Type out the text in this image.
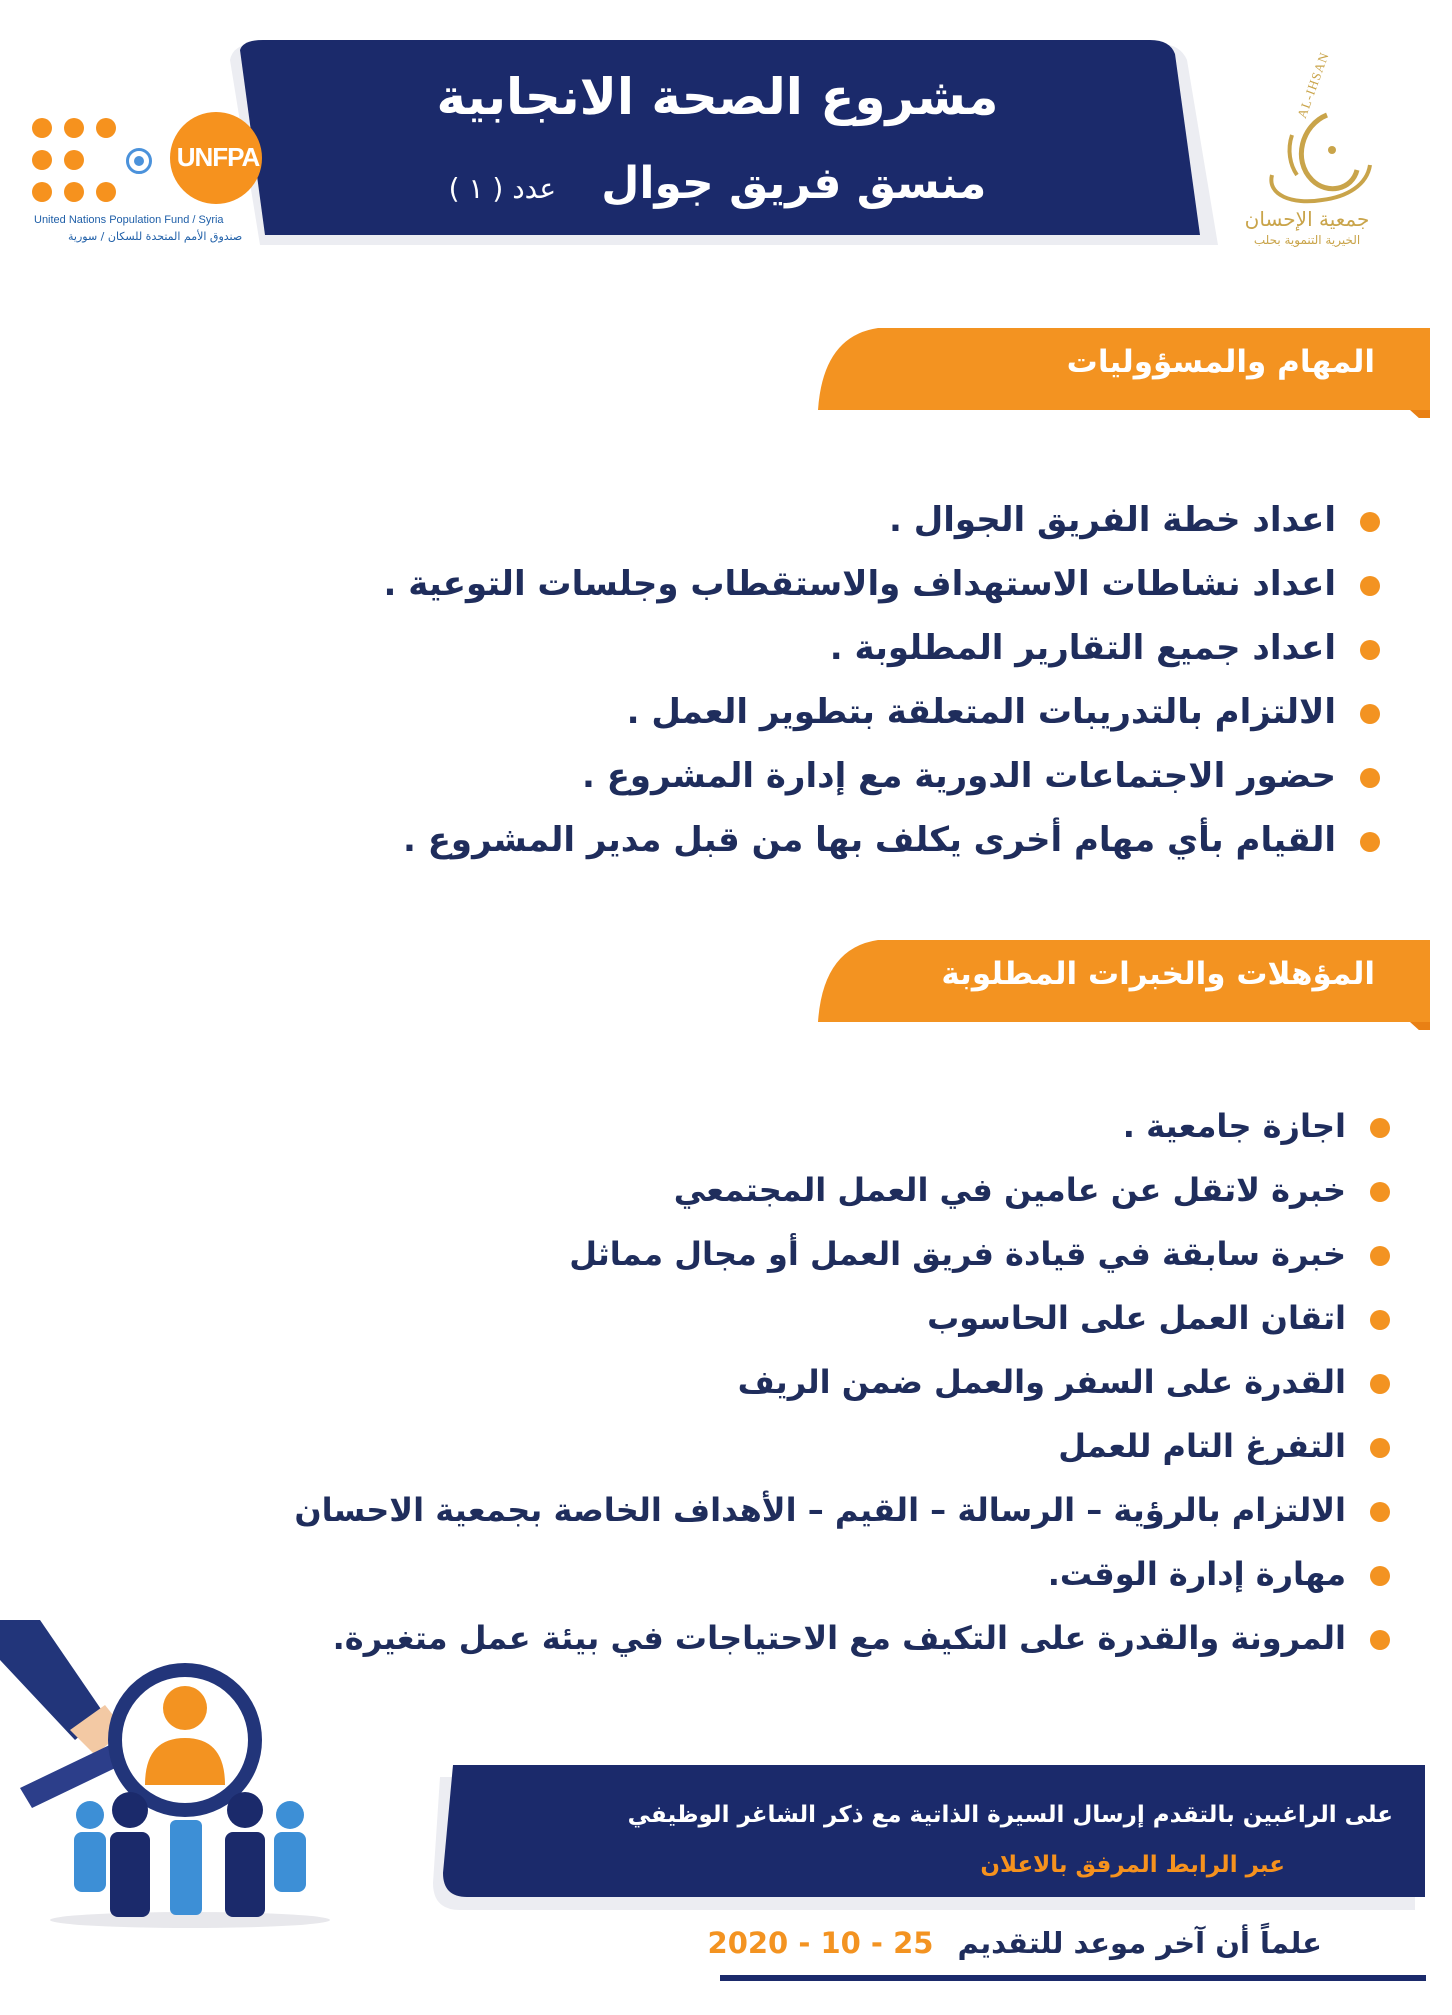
مشروع الصحة الانجابية
منسق فريق جوال عدد ( ١ )
UNFPA
United Nations Population Fund / Syria
صندوق الأمم المتحدة للسكان / سورية
AL-IHSAN
جمعية الإحسان
الخيرية التنموية بحلب
المهام والمسؤوليات
اعداد خطة الفريق الجوال .
اعداد نشاطات الاستهداف والاستقطاب وجلسات التوعية .
اعداد جميع التقارير المطلوبة .
الالتزام بالتدريبات المتعلقة بتطوير العمل .
حضور الاجتماعات الدورية مع إدارة المشروع .
القيام بأي مهام أخرى يكلف بها من قبل مدير المشروع .
المؤهلات والخبرات المطلوبة
اجازة جامعية .
خبرة لاتقل عن عامين في العمل المجتمعي
خبرة سابقة في قيادة فريق العمل أو مجال مماثل
اتقان العمل على الحاسوب
القدرة على السفر والعمل ضمن الريف
التفرغ التام للعمل
الالتزام بالرؤية – الرسالة – القيم – الأهداف الخاصة بجمعية الاحسان
مهارة إدارة الوقت.
المرونة والقدرة على التكيف مع الاحتياجات في بيئة عمل متغيرة.
على الراغبين بالتقدم إرسال السيرة الذاتية مع ذكر الشاغر الوظيفي
عبر الرابط المرفق بالاعلان
علماً أن آخر موعد للتقديم 25 - 10 - 2020
